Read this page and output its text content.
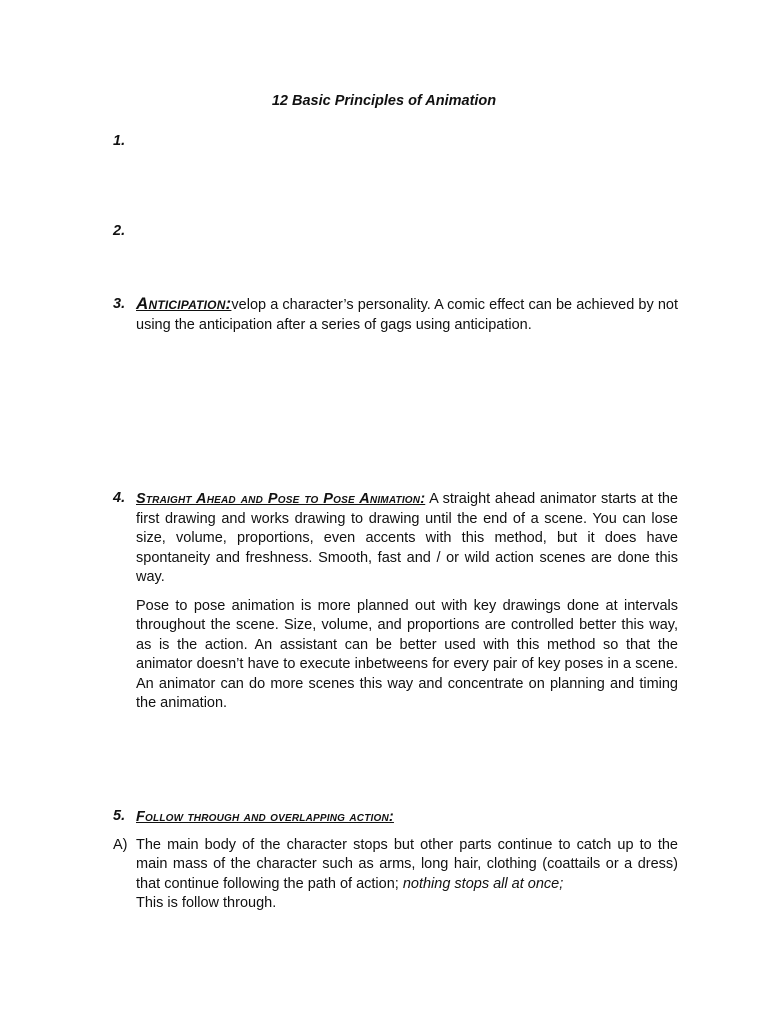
12 Basic Principles of Animation
1.
2.
3. Anticipation:velop a character’s personality. A comic effect can be achieved by not using the anticipation after a series of gags using anticipation.
4. Straight Ahead and Pose to Pose Animation: A straight ahead animator starts at the first drawing and works drawing to drawing until the end of a scene. You can lose size, volume, proportions, even accents with this method, but it does have spontaneity and freshness. Smooth, fast and / or wild action scenes are done this way.
Pose to pose animation is more planned out with key drawings done at intervals throughout the scene. Size, volume, and proportions are controlled better this way, as is the action. An assistant can be better used with this method so that the animator doesn’t have to execute inbetweens for every pair of key poses in a scene. An animator can do more scenes this way and concentrate on planning and timing the animation.
5. Follow through and overlapping action:
A) The main body of the character stops but other parts continue to catch up to the main mass of the character such as arms, long hair, clothing (coattails or a dress) that continue following the path of action; nothing stops all at once;
This is follow through.
